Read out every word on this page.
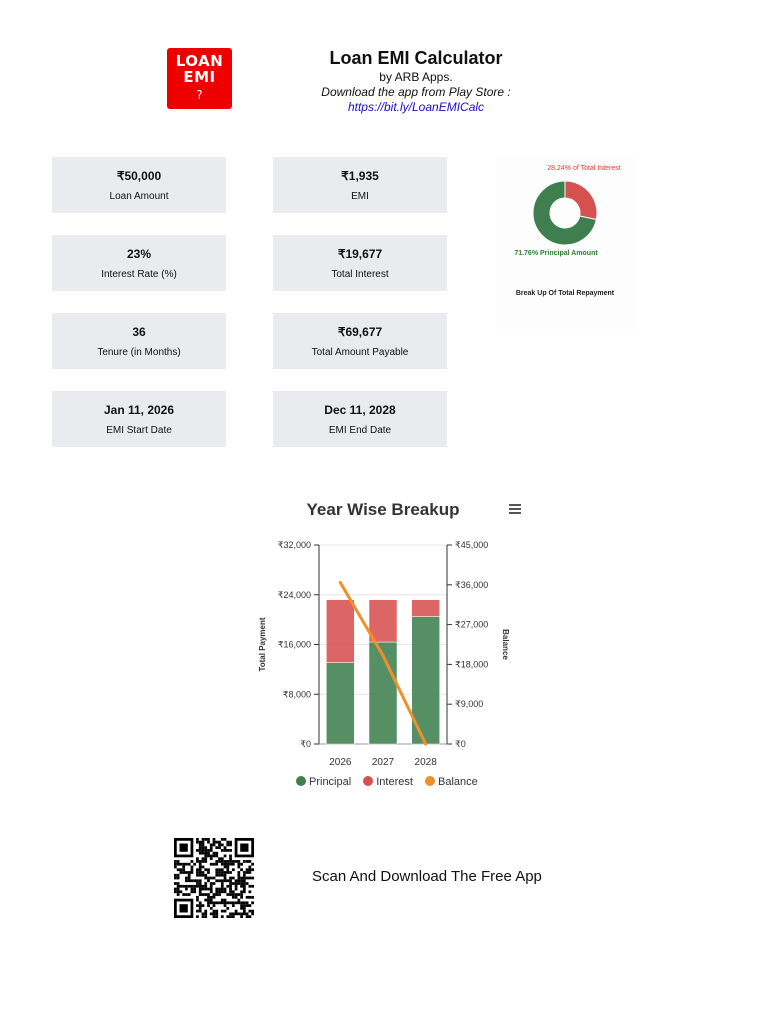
LOAN
EMI
?
Loan EMI Calculator
by ARB Apps.
Download the app from Play Store :
https://bit.ly/LoanEMICalc
₹50,000
Loan Amount
₹1,935
EMI
23%
Interest Rate (%)
₹19,677
Total Interest
36
Tenure (in Months)
₹69,677
Total Amount Payable
Jan 11, 2026
EMI Start Date
Dec 11, 2028
EMI End Date
28.24% of Total Interest
71.76% Principal Amount
Break Up Of Total Repayment
Year Wise Breakup
₹0
₹8,000
₹16,000
₹24,000
₹32,000
₹0
₹9,000
₹18,000
₹27,000
₹36,000
₹45,000
Total Payment	Balance
2026 2027 2028
Principal Interest Balance
Scan And Download The Free App
